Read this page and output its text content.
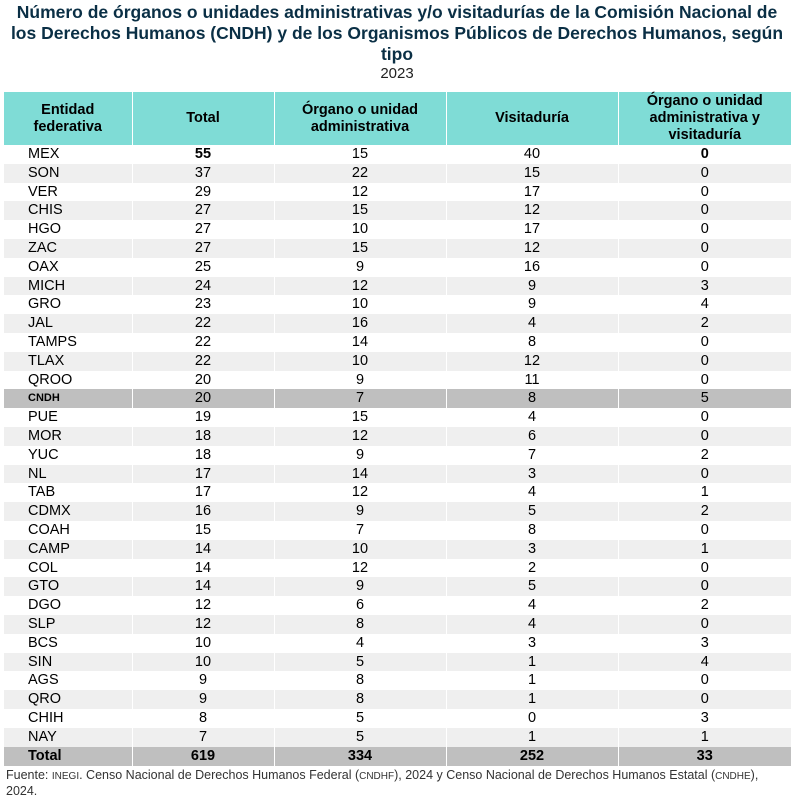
Número de órganos o unidades administrativas y/o visitadurías de la Comisión Nacional de los Derechos Humanos (CNDH) y de los Organismos Públicos de Derechos Humanos, según tipo
2023
Entidad federativa	Total	Órgano o unidad administrativa	Visitaduría	Órgano o unidad administrativa y visitaduría
MEX	55	15	40	0
SON	37	22	15	0
VER	29	12	17	0
CHIS	27	15	12	0
HGO	27	10	17	0
ZAC	27	15	12	0
OAX	25	9	16	0
MICH	24	12	9	3
GRO	23	10	9	4
JAL	22	16	4	2
TAMPS	22	14	8	0
TLAX	22	10	12	0
QROO	20	9	11	0
CNDH	20	7	8	5
PUE	19	15	4	0
MOR	18	12	6	0
YUC	18	9	7	2
NL	17	14	3	0
TAB	17	12	4	1
CDMX	16	9	5	2
COAH	15	7	8	0
CAMP	14	10	3	1
COL	14	12	2	0
GTO	14	9	5	0
DGO	12	6	4	2
SLP	12	8	4	0
BCS	10	4	3	3
SIN	10	5	1	4
AGS	9	8	1	0
QRO	9	8	1	0
CHIH	8	5	0	3
NAY	7	5	1	1
Total	619	334	252	33
Fuente: INEGI. Censo Nacional de Derechos Humanos Federal (CNDHF), 2024 y Censo Nacional de Derechos Humanos Estatal (CNDHE), 2024.
